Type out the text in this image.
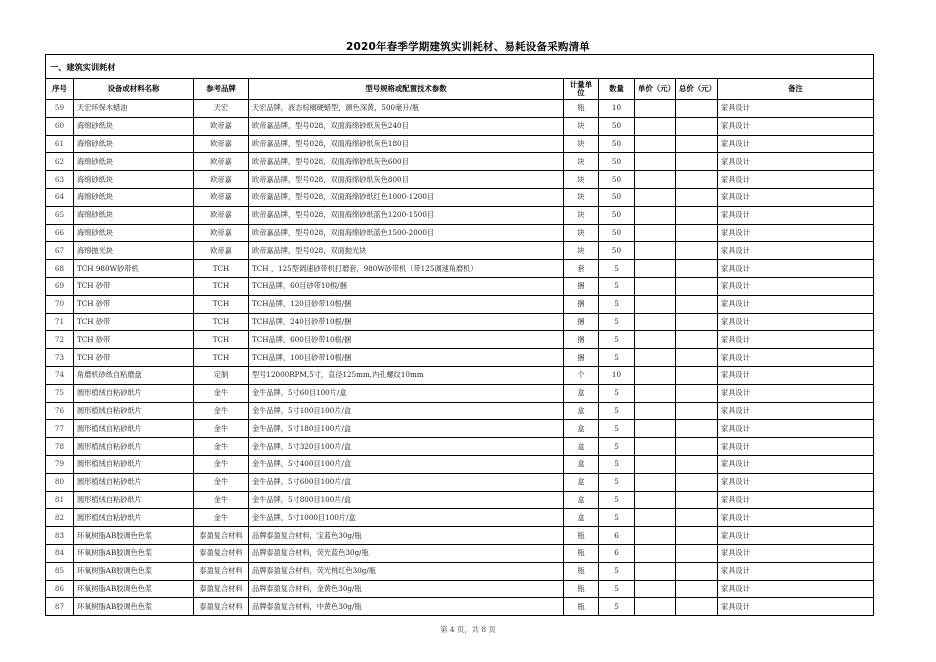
2020年春季学期建筑实训耗材、易耗设备采购清单
一、建筑实训耗材								
序号	设备或材料名称	参考品牌	型号规格或配置技术参数	计量单位	数量	单价（元）	总价（元）	备注
59	天宏环保木蜡油	天宏	天宏品牌，液态棕榈硬蜡型，颜色深黄，500毫升/瓶	瓶	10			家具设计
60	海绵砂纸块	欧帝嘉	欧帝嘉品牌，型号028，双面海绵砂纸灰色240目	块	50			家具设计
61	海绵砂纸块	欧帝嘉	欧帝嘉品牌，型号028，双面海绵砂纸灰色180目	块	50			家具设计
62	海绵砂纸块	欧帝嘉	欧帝嘉品牌，型号028，双面海绵砂纸灰色600目	块	50			家具设计
63	海绵砂纸块	欧帝嘉	欧帝嘉品牌，型号028，双面海绵砂纸灰色800目	块	50			家具设计
64	海绵砂纸块	欧帝嘉	欧帝嘉品牌，型号028，双面海绵砂纸红色1000-1200目	块	50			家具设计
65	海绵砂纸块	欧帝嘉	欧帝嘉品牌，型号028，双面海绵砂纸蓝色1200-1500目	块	50			家具设计
66	海绵砂纸块	欧帝嘉	欧帝嘉品牌，型号028，双面海绵砂纸蓝色1500-2000目	块	50			家具设计
67	海绵抛光块	欧帝嘉	欧帝嘉品牌，型号028，双面抛光块	块	50			家具设计
68	TCH 980W砂带机	TCH	TCH ，125型调速砂带机打磨套，980W砂带机（带125调速角磨机）	套	5			家具设计
69	TCH 砂带	TCH	TCH品牌，60目砂带10根/捆	捆	5			家具设计
70	TCH 砂带	TCH	TCH品牌，120目砂带10根/捆	捆	5			家具设计
71	TCH 砂带	TCH	TCH品牌，240目砂带10根/捆	捆	5			家具设计
72	TCH 砂带	TCH	TCH品牌，600目砂带10根/捆	捆	5			家具设计
73	TCH 砂带	TCH	TCH品牌，100目砂带10根/捆	捆	5			家具设计
74	角磨机砂纸自粘磨盘	定制	型号12000RPM,5寸，直径125mm,内孔螺纹10mm	个	10			家具设计
75	圆形植绒自粘砂纸片	金牛	金牛品牌，5寸60目100片/盒	盒	5			家具设计
76	圆形植绒自粘砂纸片	金牛	金牛品牌，5寸100目100片/盒	盒	5			家具设计
77	圆形植绒自粘砂纸片	金牛	金牛品牌，5寸180目100片/盒	盒	5			家具设计
78	圆形植绒自粘砂纸片	金牛	金牛品牌，5寸320目100片/盒	盒	5			家具设计
79	圆形植绒自粘砂纸片	金牛	金牛品牌，5寸400目100片/盒	盒	5			家具设计
80	圆形植绒自粘砂纸片	金牛	金牛品牌，5寸600目100片/盒	盒	5			家具设计
81	圆形植绒自粘砂纸片	金牛	金牛品牌，5寸800目100片/盒	盒	5			家具设计
82	圆形植绒自粘砂纸片	金牛	金牛品牌，5寸1000目100片/盒	盒	5			家具设计
83	环氧树脂AB胶调色色浆	泰盈复合材料	品牌泰盈复合材料，宝蓝色30g/瓶	瓶	6			家具设计
84	环氧树脂AB胶调色色浆	泰盈复合材料	品牌泰盈复合材料，荧光蓝色30g/瓶	瓶	6			家具设计
85	环氧树脂AB胶调色色浆	泰盈复合材料	品牌泰盈复合材料，荧光桃红色30g/瓶	瓶	5			家具设计
86	环氧树脂AB胶调色色浆	泰盈复合材料	品牌泰盈复合材料，金黄色30g/瓶	瓶	5			家具设计
87	环氧树脂AB胶调色色浆	泰盈复合材料	品牌泰盈复合材料，中黄色30g/瓶	瓶	5			家具设计
第 4 页，共 8 页
